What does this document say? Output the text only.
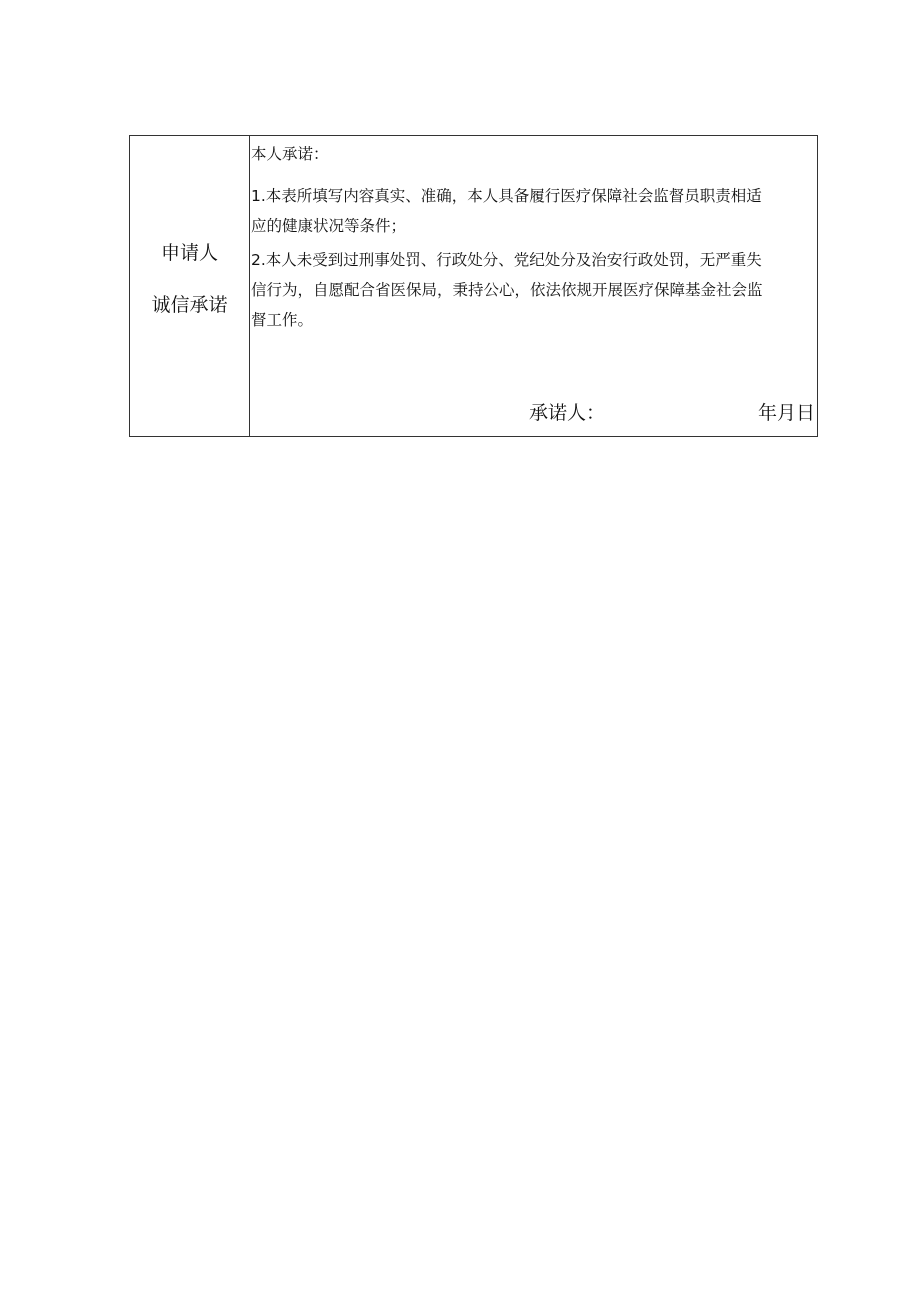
申请人
诚信承诺

本人承诺：

1.本表所填写内容真实、准确，本人具备履行医疗保障社会监督员职责相适
应的健康状况等条件；

2.本人未受到过刑事处罚、行政处分、党纪处分及治安行政处罚，无严重失
信行为，自愿配合省医保局，秉持公心，依法依规开展医疗保障基金社会监
督工作。

承诺人：	年月日
